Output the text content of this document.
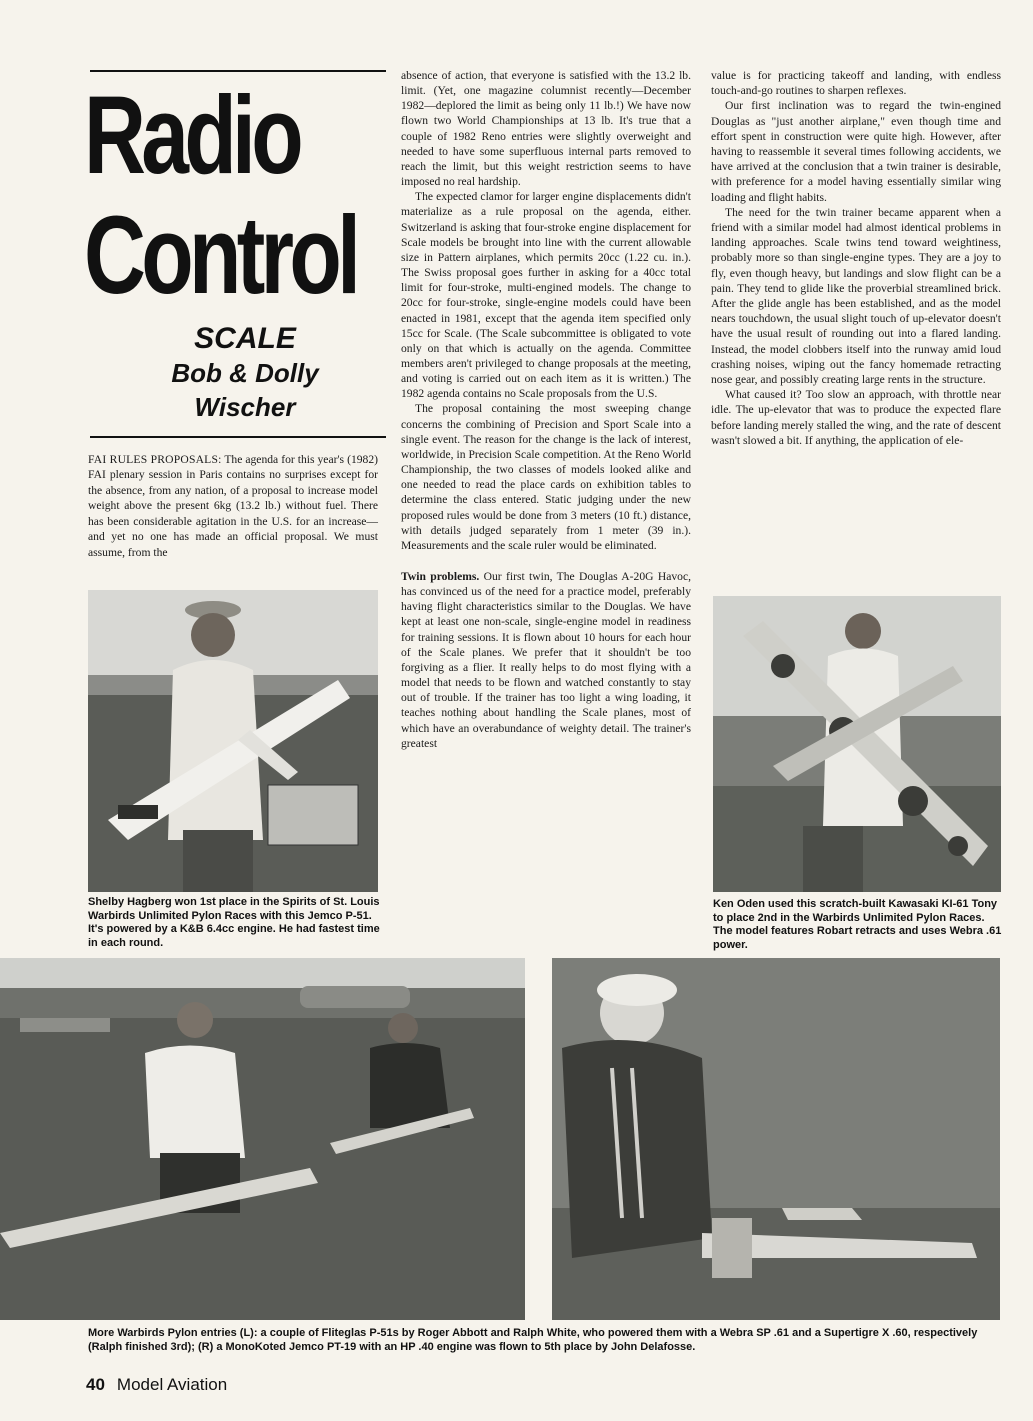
Radio
Control
SCALE
Bob & Dolly
Wischer

FAI RULES PROPOSALS: The agenda for this year's (1982) FAI plenary session in Paris contains no surprises except for the absence, from any nation, of a proposal to increase model weight above the present 6kg (13.2 lb.) without fuel. There has been considerable agitation in the U.S. for an increase—and yet no one has made an official proposal. We must assume, from the

absence of action, that everyone is satisfied with the 13.2 lb. limit. (Yet, one magazine columnist recently—December 1982—deplored the limit as being only 11 lb.!) We have now flown two World Championships at 13 lb. It's true that a couple of 1982 Reno entries were slightly overweight and needed to have some superfluous internal parts removed to reach the limit, but this weight restriction seems to have imposed no real hardship.

The expected clamor for larger engine displacements didn't materialize as a rule proposal on the agenda, either. Switzerland is asking that four-stroke engine displacement for Scale models be brought into line with the current allowable size in Pattern airplanes, which permits 20cc (1.22 cu. in.). The Swiss proposal goes further in asking for a 40cc total limit for four-stroke, multi-engined models. The change to 20cc for four-stroke, single-engine models could have been enacted in 1981, except that the agenda item specified only 15cc for Scale. (The Scale subcommittee is obligated to vote only on that which is actually on the agenda. Committee members aren't privileged to change proposals at the meeting, and voting is carried out on each item as it is written.) The 1982 agenda contains no Scale proposals from the U.S.

The proposal containing the most sweeping change concerns the combining of Precision and Sport Scale into a single event. The reason for the change is the lack of interest, worldwide, in Precision Scale competition. At the Reno World Championship, the two classes of models looked alike and one needed to read the place cards on exhibition tables to determine the class entered. Static judging under the new proposed rules would be done from 3 meters (10 ft.) distance, with details judged separately from 1 meter (39 in.). Measurements and the scale ruler would be eliminated.

Twin problems. Our first twin, The Douglas A-20G Havoc, has convinced us of the need for a practice model, preferably having flight characteristics similar to the Douglas. We have kept at least one non-scale, single-engine model in readiness for training sessions. It is flown about 10 hours for each hour of the Scale planes. We prefer that it shouldn't be too forgiving as a flier. It really helps to do most flying with a model that needs to be flown and watched constantly to stay out of trouble. If the trainer has too light a wing loading, it teaches nothing about handling the Scale planes, most of which have an overabundance of weighty detail. The trainer's greatest

value is for practicing takeoff and landing, with endless touch-and-go routines to sharpen reflexes.

Our first inclination was to regard the twin-engined Douglas as "just another airplane," even though time and effort spent in construction were quite high. However, after having to reassemble it several times following accidents, we have arrived at the conclusion that a twin trainer is desirable, with preference for a model having essentially similar wing loading and flight habits.

The need for the twin trainer became apparent when a friend with a similar model had almost identical problems in landing approaches. Scale twins tend toward weightiness, probably more so than single-engine types. They are a joy to fly, even though heavy, but landings and slow flight can be a pain. They tend to glide like the proverbial streamlined brick. After the glide angle has been established, and as the model nears touchdown, the usual slight touch of up-elevator doesn't have the usual result of rounding out into a flared landing. Instead, the model clobbers itself into the runway amid loud crashing noises, wiping out the fancy homemade retracting nose gear, and possibly creating large rents in the structure.

What caused it? Too slow an approach, with throttle near idle. The up-elevator that was to produce the expected flare before landing merely stalled the wing, and the rate of descent wasn't slowed a bit. If anything, the application of ele-

Shelby Hagberg won 1st place in the Spirits of St. Louis Warbirds Unlimited Pylon Races with this Jemco P-51. It's powered by a K&B 6.4cc engine. He had fastest time in each round.
Ken Oden used this scratch-built Kawasaki KI-61 Tony to place 2nd in the Warbirds Unlimited Pylon Races. The model features Robart retracts and uses Webra .61 power.
More Warbirds Pylon entries (L): a couple of Fliteglas P-51s by Roger Abbott and Ralph White, who powered them with a Webra SP .61 and a Supertigre X .60, respectively (Ralph finished 3rd); (R) a MonoKoted Jemco PT-19 with an HP .40 engine was flown to 5th place by John Delafosse.
40 Model Aviation
